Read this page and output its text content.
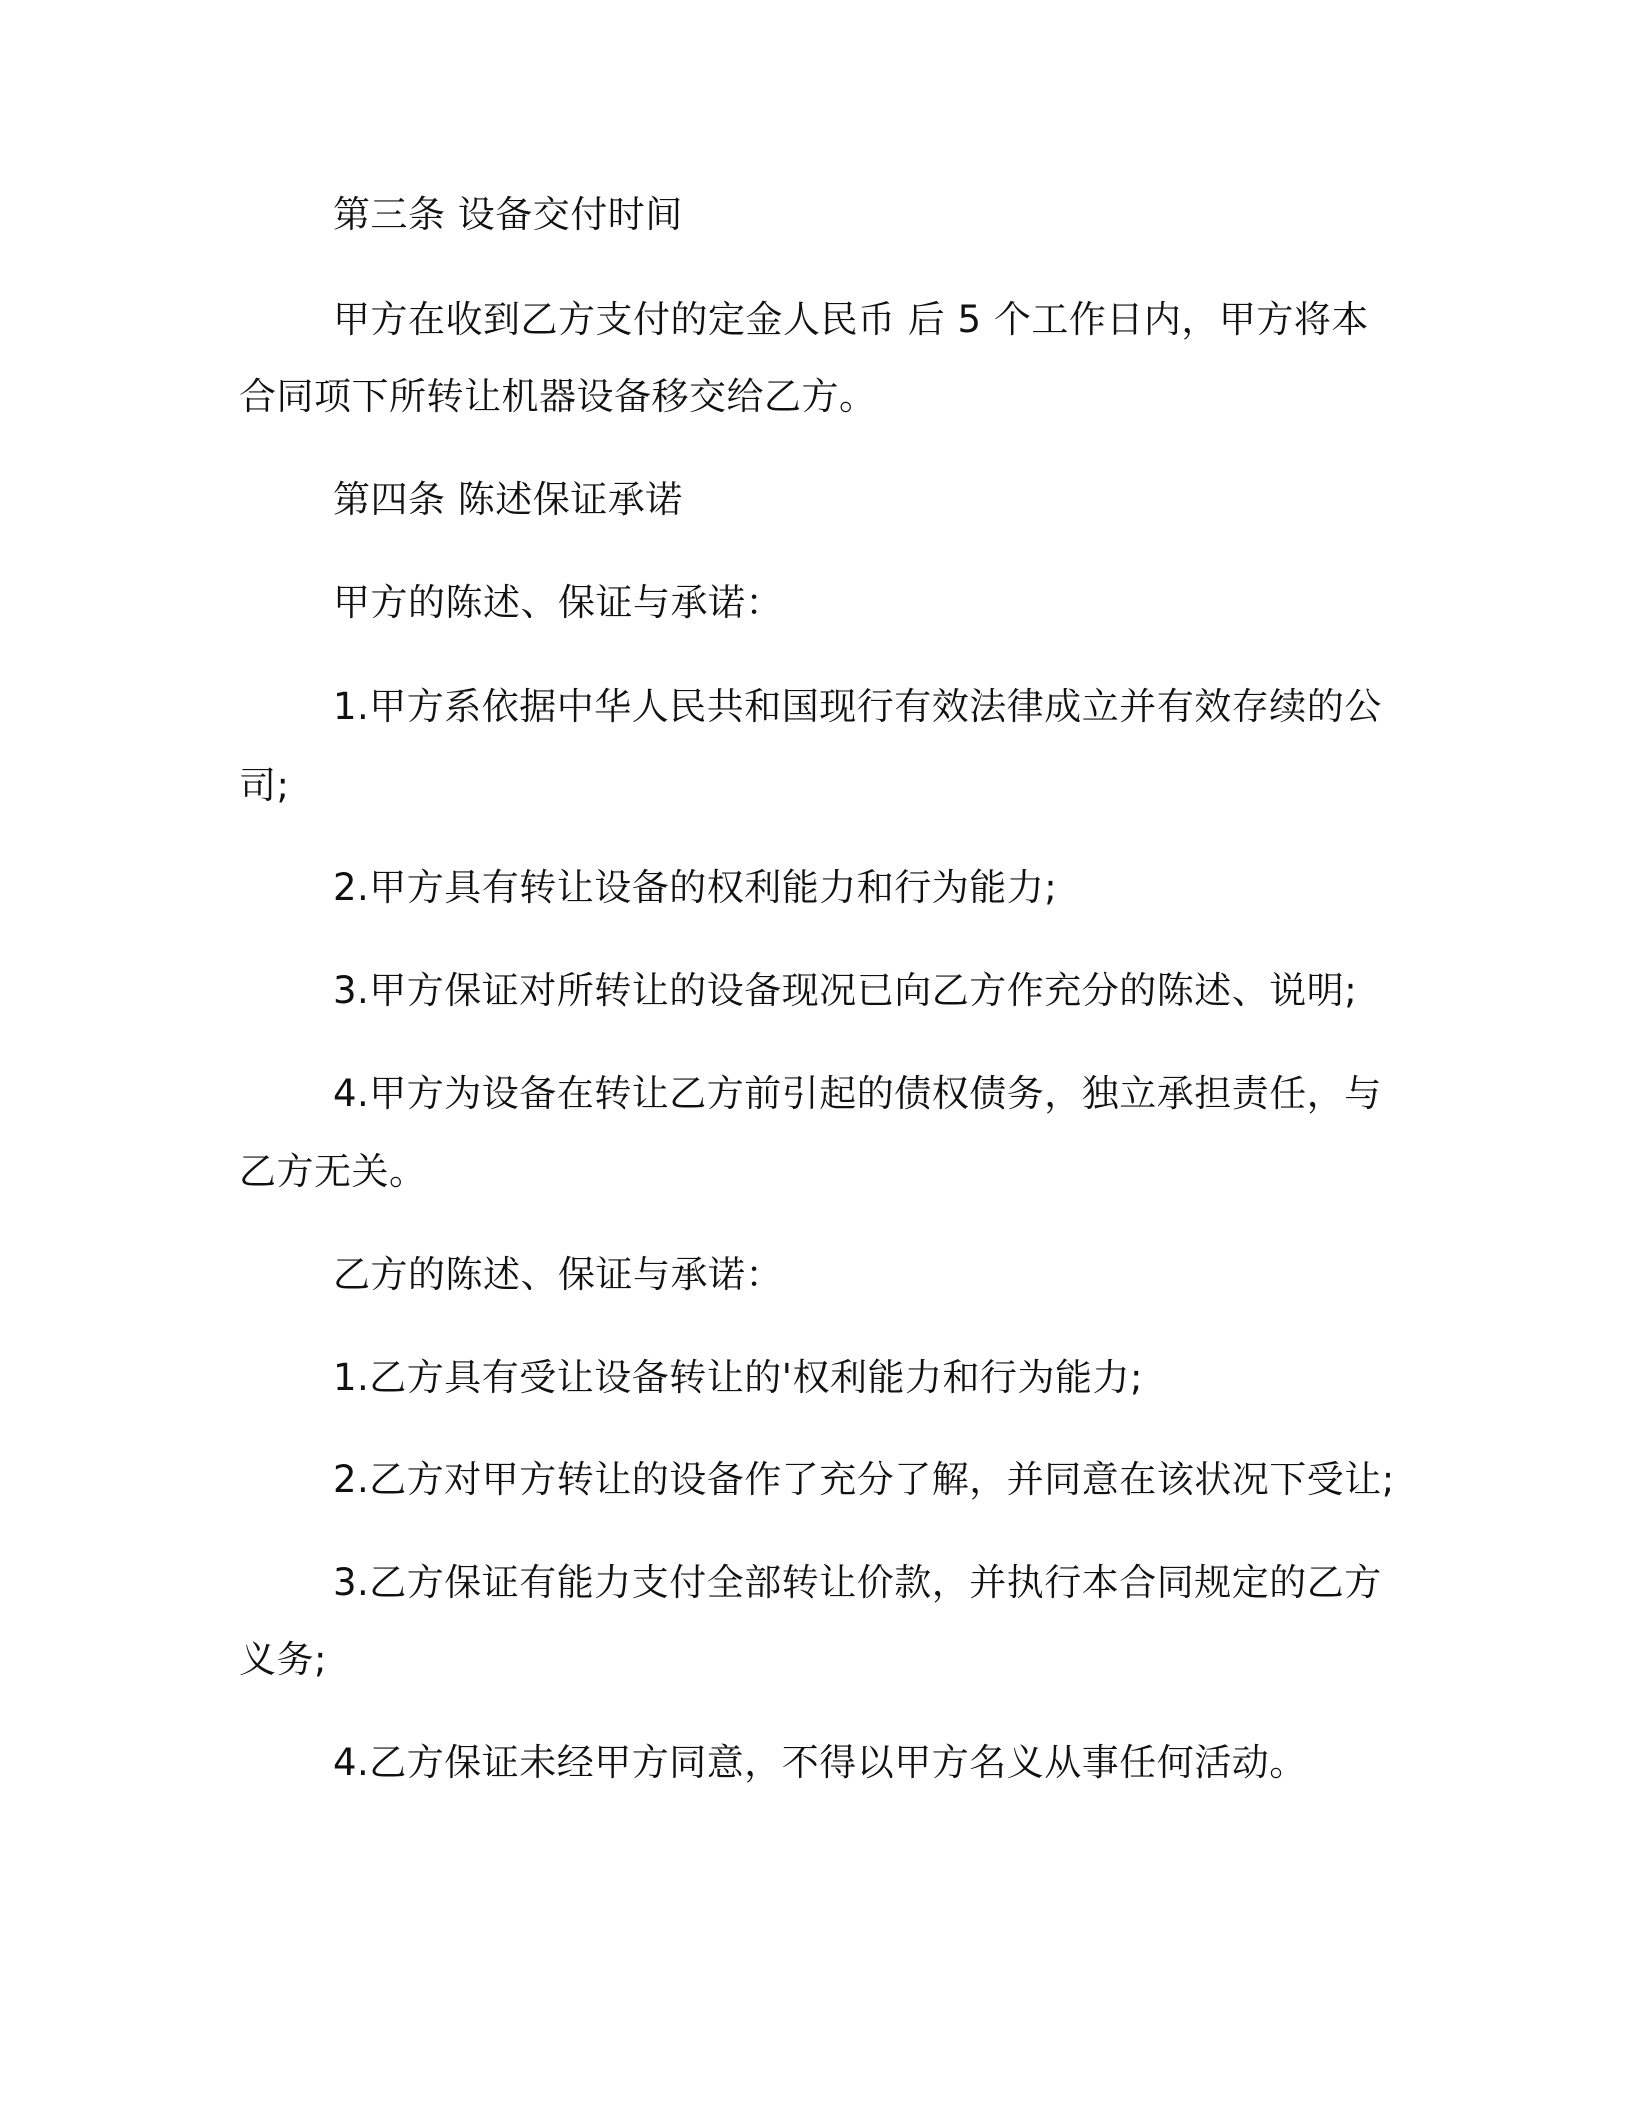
第三条 设备交付时间

甲方在收到乙方支付的定金人民币 后 5 个工作日内，甲方将本

合同项下所转让机器设备移交给乙方。

第四条 陈述保证承诺

甲方的陈述、保证与承诺：

1.甲方系依据中华人民共和国现行有效法律成立并有效存续的公

司;

2.甲方具有转让设备的权利能力和行为能力;

3.甲方保证对所转让的设备现况已向乙方作充分的陈述、说明;

4.甲方为设备在转让乙方前引起的债权债务，独立承担责任，与

乙方无关。

乙方的陈述、保证与承诺：

1.乙方具有受让设备转让的'权利能力和行为能力;

2.乙方对甲方转让的设备作了充分了解，并同意在该状况下受让;

3.乙方保证有能力支付全部转让价款，并执行本合同规定的乙方

义务;

4.乙方保证未经甲方同意，不得以甲方名义从事任何活动。
